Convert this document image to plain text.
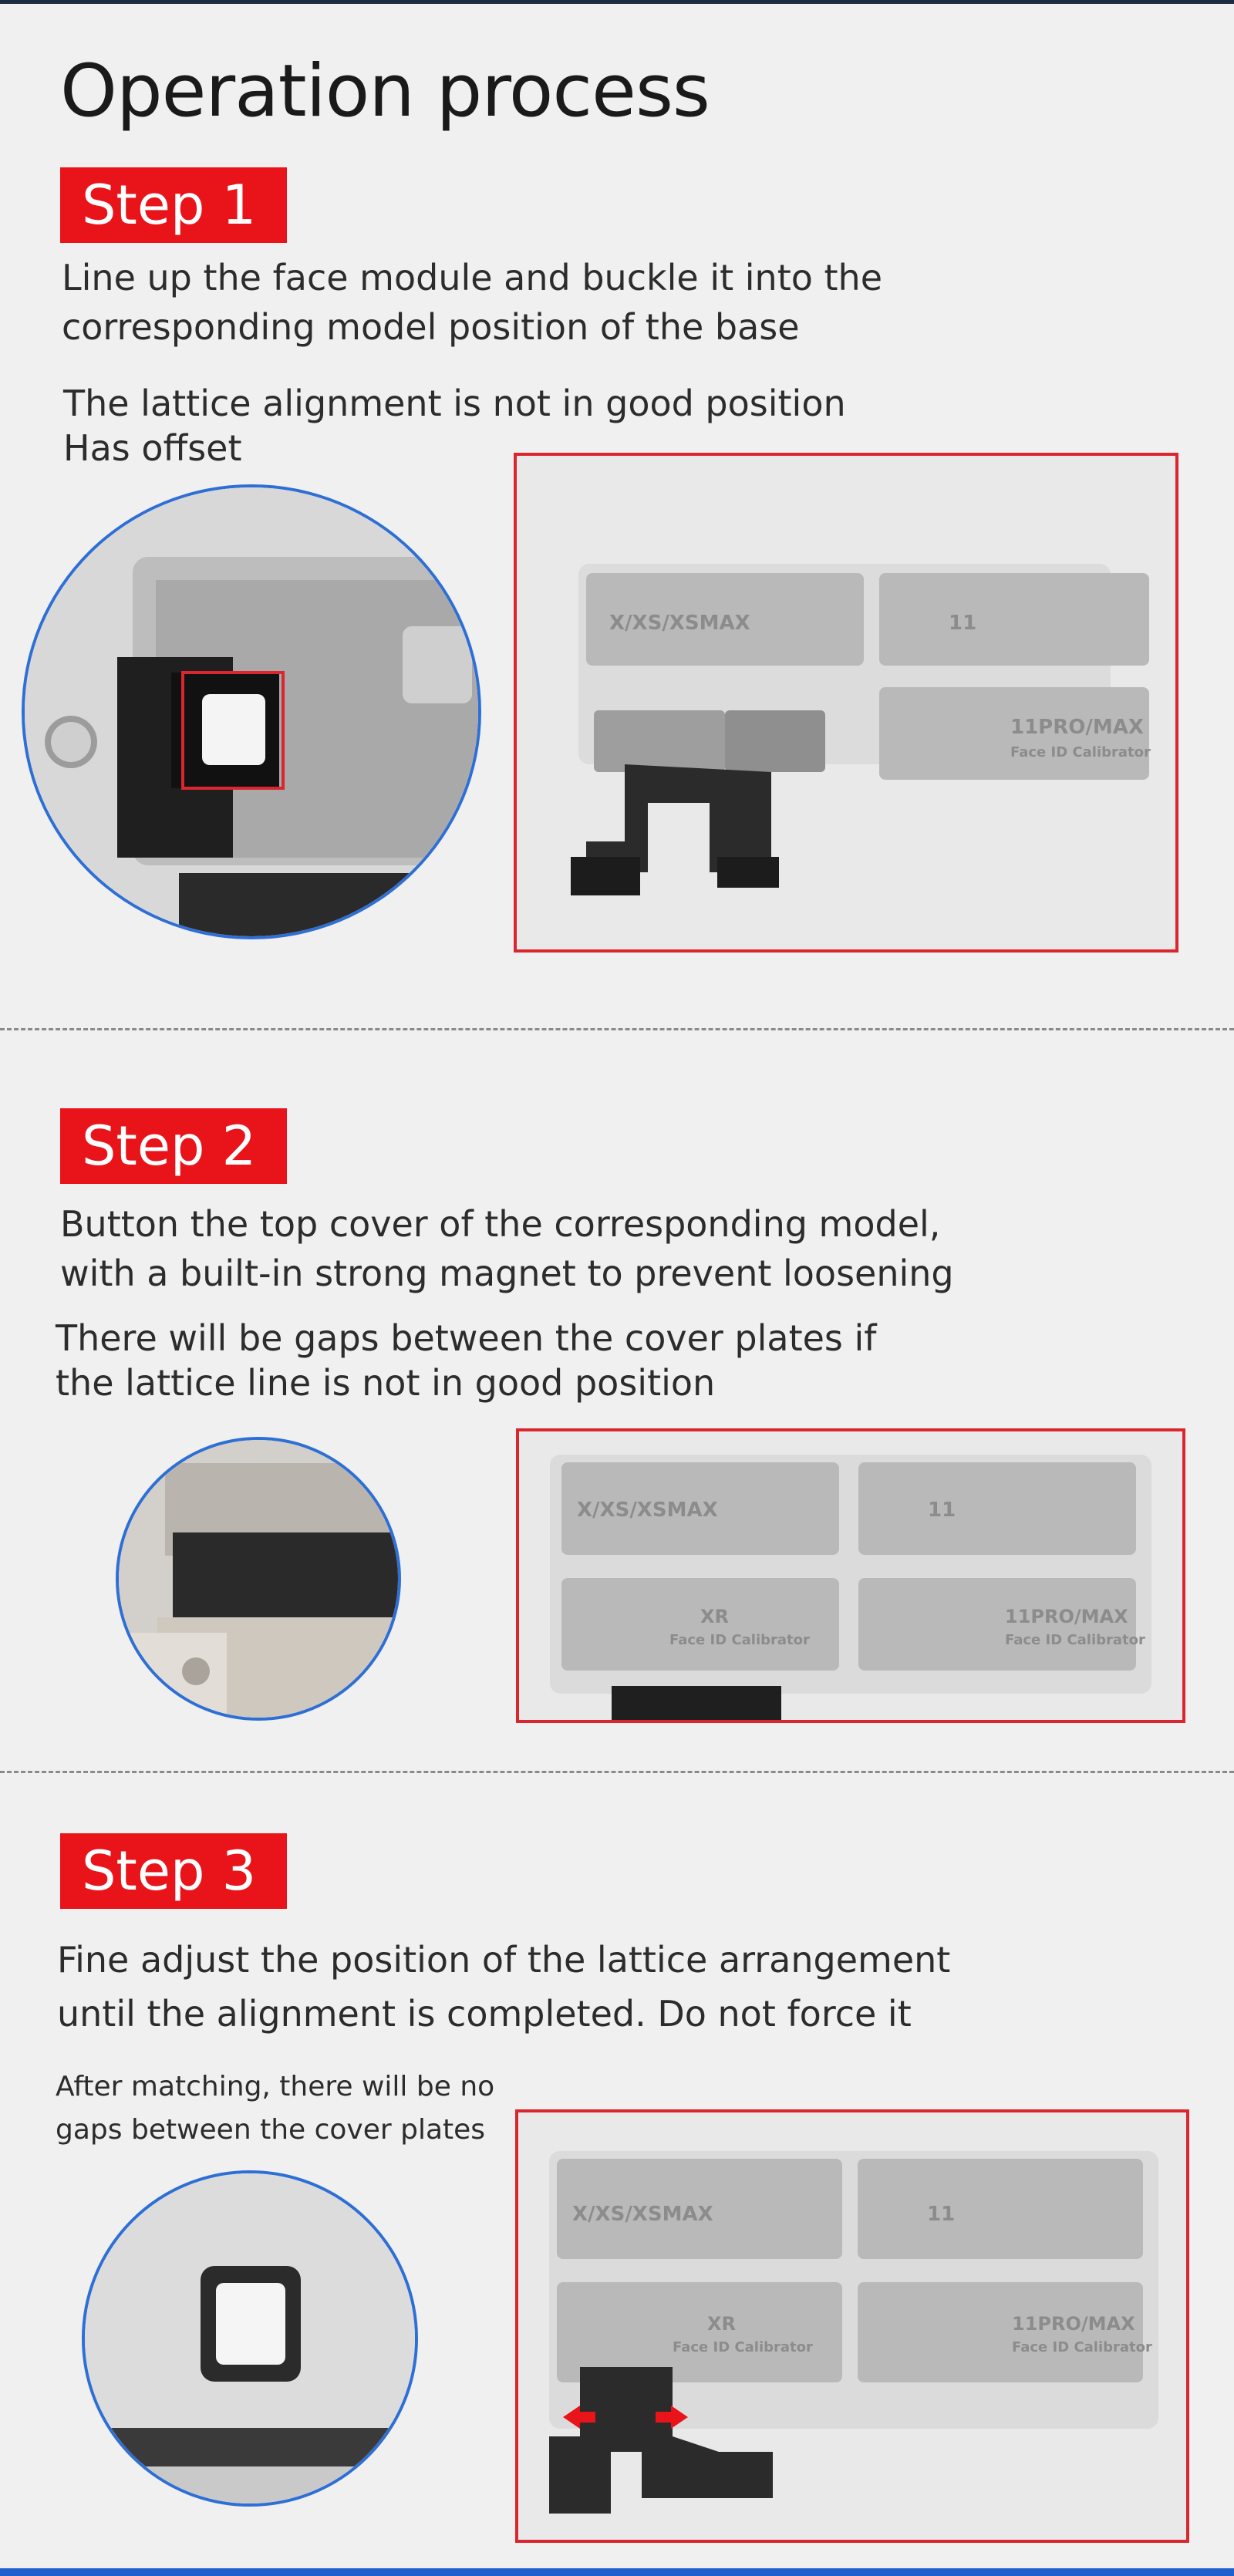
Operation process
Step 1
Line up the face module and buckle it into the
corresponding model position of the base
The lattice alignment is not in good position
Has offset
X/XS/XSMAX	11
11PRO/MAX
Face ID Calibrator
Step 2
Button the top cover of the corresponding model,
with a built-in strong magnet to prevent loosening
There will be gaps between the cover plates if
the lattice line is not in good position
X/XS/XSMAX	11
XR
Face ID Calibrator
11PRO/MAX
Face ID Calibrator
Step 3
Fine adjust the position of the lattice arrangement
until the alignment is completed. Do not force it
After matching, there will be no
gaps between the cover plates
X/XS/XSMAX	11
XR
Face ID Calibrator
11PRO/MAX
Face ID Calibrator
